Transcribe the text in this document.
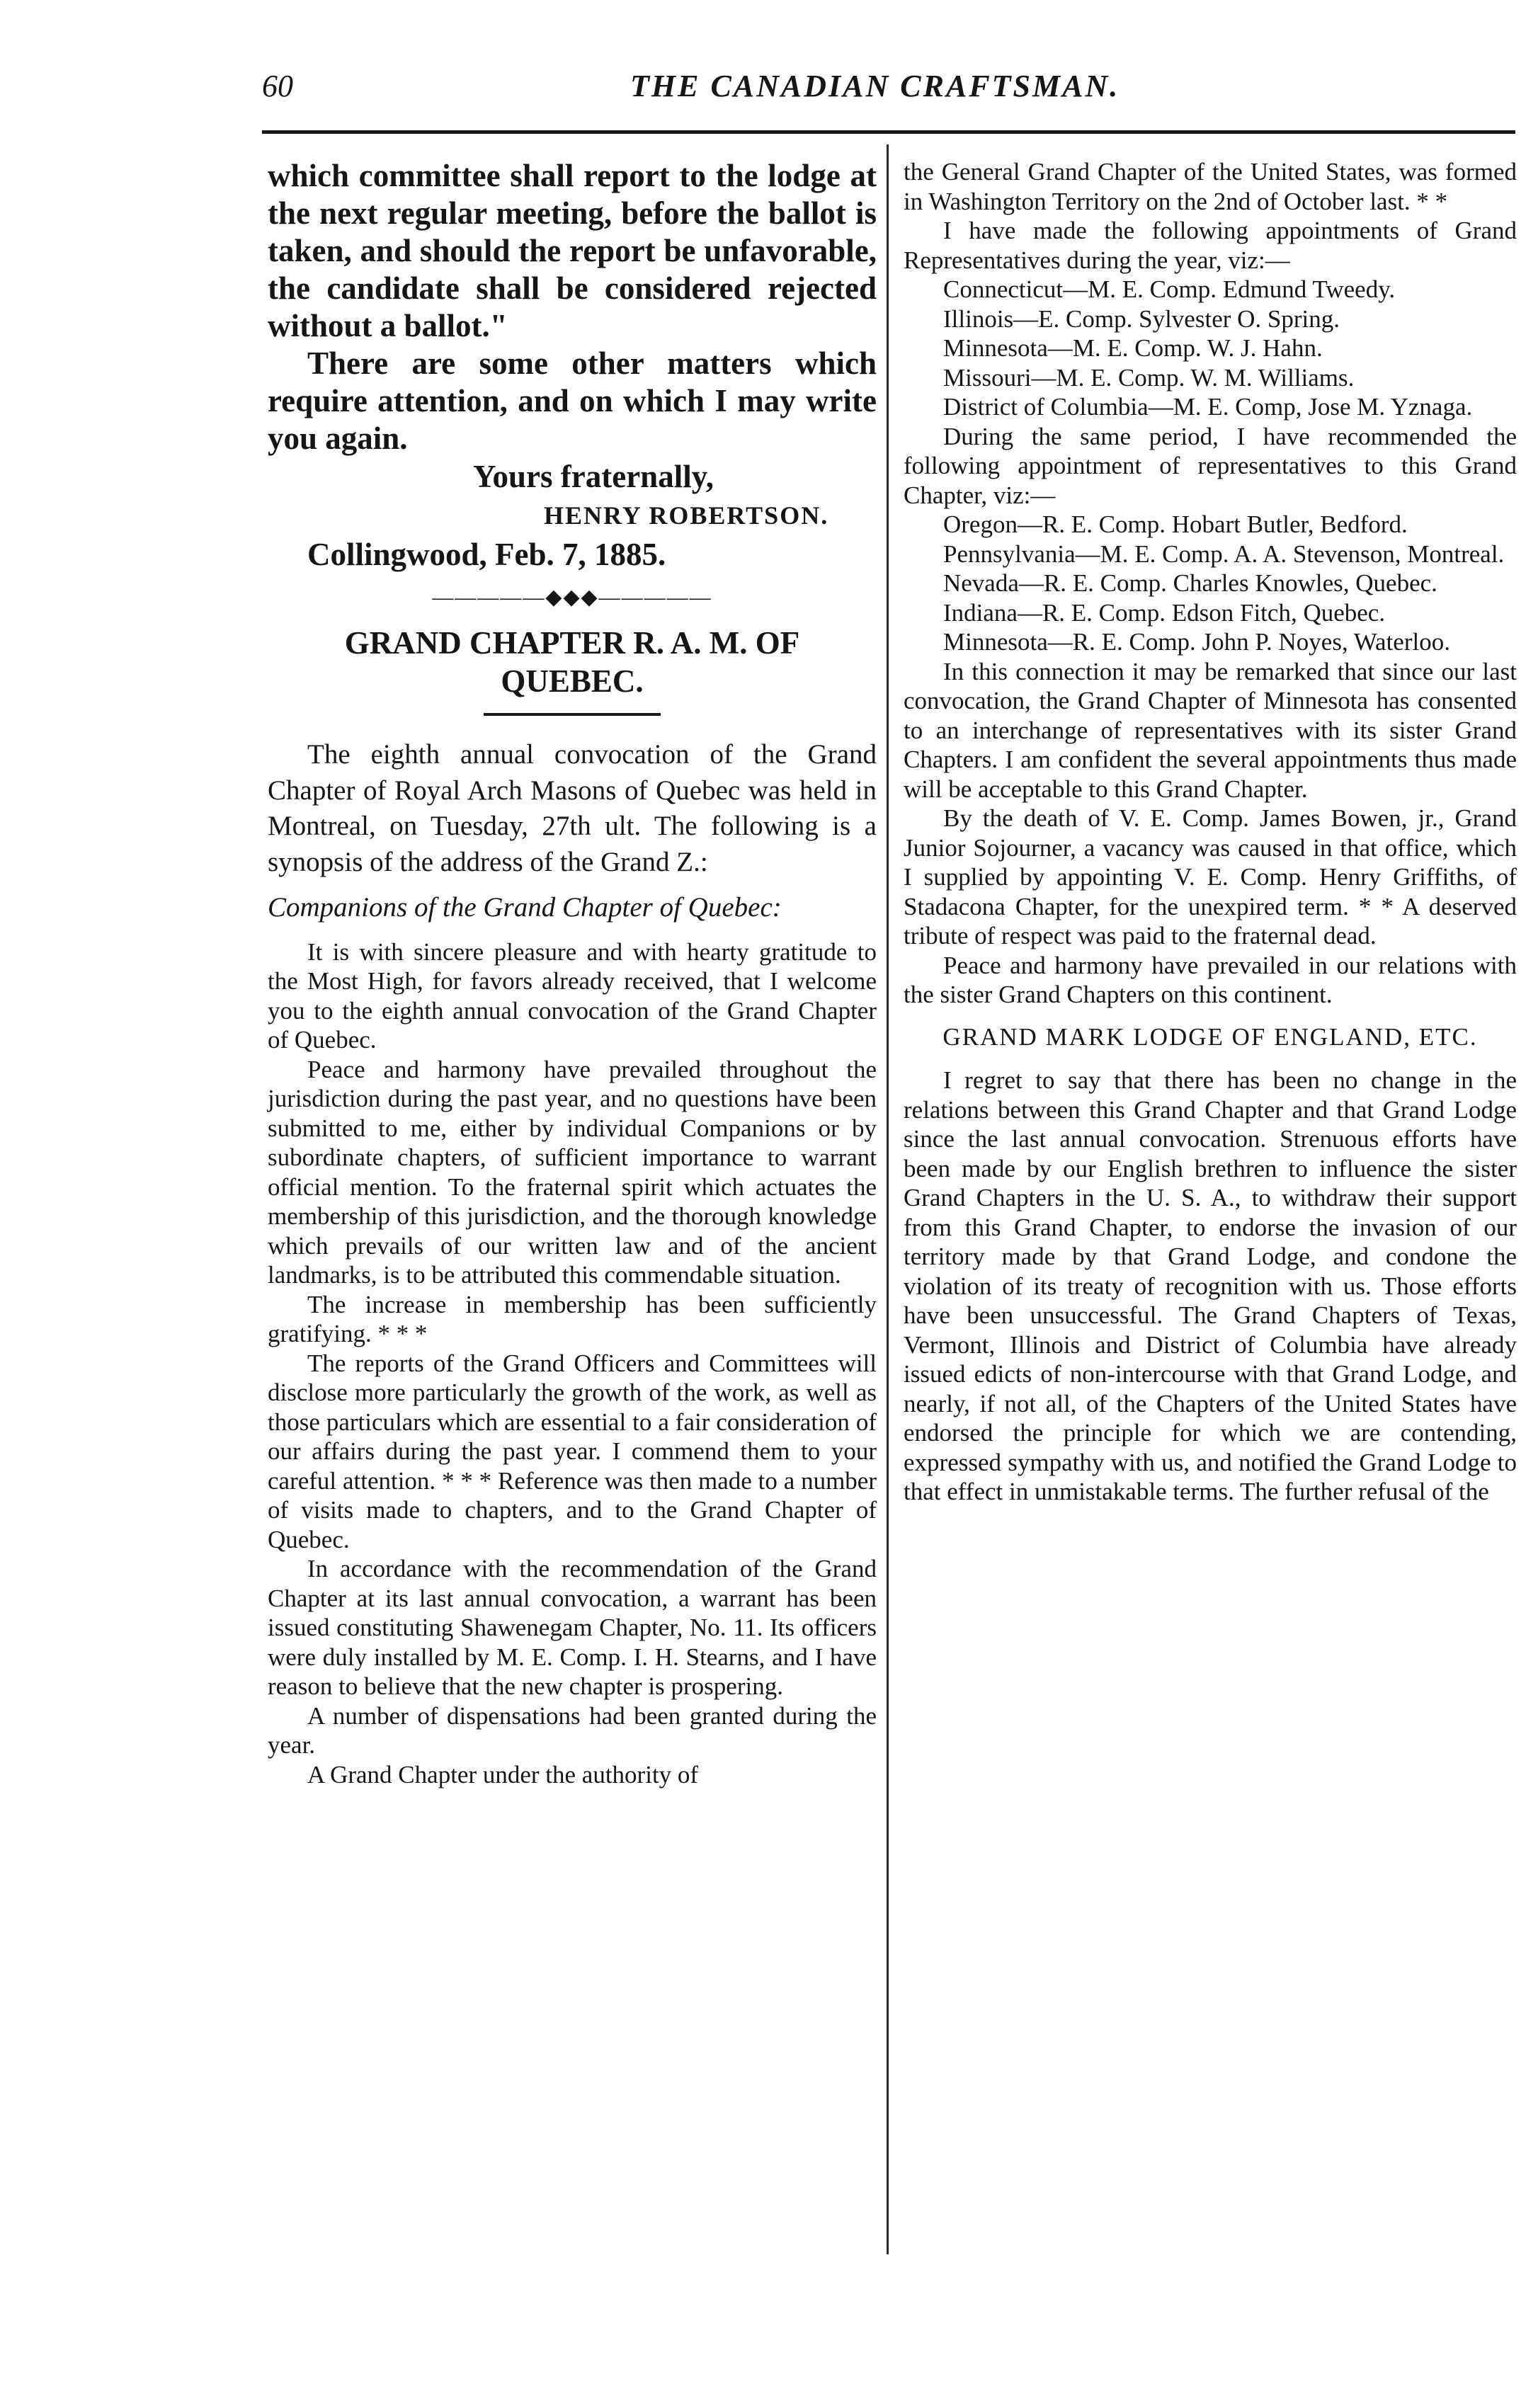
60	THE CANADIAN CRAFTSMAN.

which committee shall report to the lodge at the next regular meeting, before the ballot is taken, and should the report be unfavorable, the candidate shall be considered rejected without a ballot."

There are some other matters which require attention, and on which I may write you again.

Yours fraternally,
HENRY ROBERTSON.
Collingwood, Feb. 7, 1885.
—————◆◆◆—————
GRAND CHAPTER R. A. M. OF
QUEBEC.

The eighth annual convocation of the Grand Chapter of Royal Arch Masons of Quebec was held in Montreal, on Tuesday, 27th ult. The following is a synopsis of the address of the Grand Z.:

Companions of the Grand Chapter of Quebec:

It is with sincere pleasure and with hearty gratitude to the Most High, for favors already received, that I welcome you to the eighth annual convocation of the Grand Chapter of Quebec.

Peace and harmony have prevailed throughout the jurisdiction during the past year, and no questions have been submitted to me, either by individual Companions or by subordinate chapters, of sufficient importance to warrant official mention. To the fraternal spirit which actuates the membership of this jurisdiction, and the thorough knowledge which prevails of our written law and of the ancient landmarks, is to be attributed this commendable situation.

The increase in membership has been sufficiently gratifying. * * *

The reports of the Grand Officers and Committees will disclose more particularly the growth of the work, as well as those particulars which are essential to a fair consideration of our affairs during the past year. I commend them to your careful attention. * * * Reference was then made to a number of visits made to chapters, and to the Grand Chapter of Quebec.

In accordance with the recommendation of the Grand Chapter at its last annual convocation, a warrant has been issued constituting Shawenegam Chapter, No. 11. Its officers were duly installed by M. E. Comp. I. H. Stearns, and I have reason to believe that the new chapter is prospering.

A number of dispensations had been granted during the year.

A Grand Chapter under the authority of

the General Grand Chapter of the United States, was formed in Washington Territory on the 2nd of October last. * *

I have made the following appointments of Grand Representatives during the year, viz:—

Connecticut—M. E. Comp. Edmund Tweedy.

Illinois—E. Comp. Sylvester O. Spring.

Minnesota—M. E. Comp. W. J. Hahn.

Missouri—M. E. Comp. W. M. Williams.

District of Columbia—M. E. Comp, Jose M. Yznaga.

During the same period, I have recommended the following appointment of representatives to this Grand Chapter, viz:—

Oregon—R. E. Comp. Hobart Butler, Bedford.

Pennsylvania—M. E. Comp. A. A. Stevenson, Montreal.

Nevada—R. E. Comp. Charles Knowles, Quebec.

Indiana—R. E. Comp. Edson Fitch, Quebec.

Minnesota—R. E. Comp. John P. Noyes, Waterloo.

In this connection it may be remarked that since our last convocation, the Grand Chapter of Minnesota has consented to an interchange of representatives with its sister Grand Chapters. I am confident the several appointments thus made will be acceptable to this Grand Chapter.

By the death of V. E. Comp. James Bowen, jr., Grand Junior Sojourner, a vacancy was caused in that office, which I supplied by appointing V. E. Comp. Henry Griffiths, of Stadacona Chapter, for the unexpired term. * * A deserved tribute of respect was paid to the fraternal dead.

Peace and harmony have prevailed in our relations with the sister Grand Chapters on this continent.

GRAND MARK LODGE OF ENGLAND, ETC.

I regret to say that there has been no change in the relations between this Grand Chapter and that Grand Lodge since the last annual convocation. Strenuous efforts have been made by our English brethren to influence the sister Grand Chapters in the U. S. A., to withdraw their support from this Grand Chapter, to endorse the invasion of our territory made by that Grand Lodge, and condone the violation of its treaty of recognition with us. Those efforts have been unsuccessful. The Grand Chapters of Texas, Vermont, Illinois and District of Columbia have already issued edicts of non-intercourse with that Grand Lodge, and nearly, if not all, of the Chapters of the United States have endorsed the principle for which we are contending, expressed sympathy with us, and notified the Grand Lodge to that effect in unmistakable terms. The further refusal of the
